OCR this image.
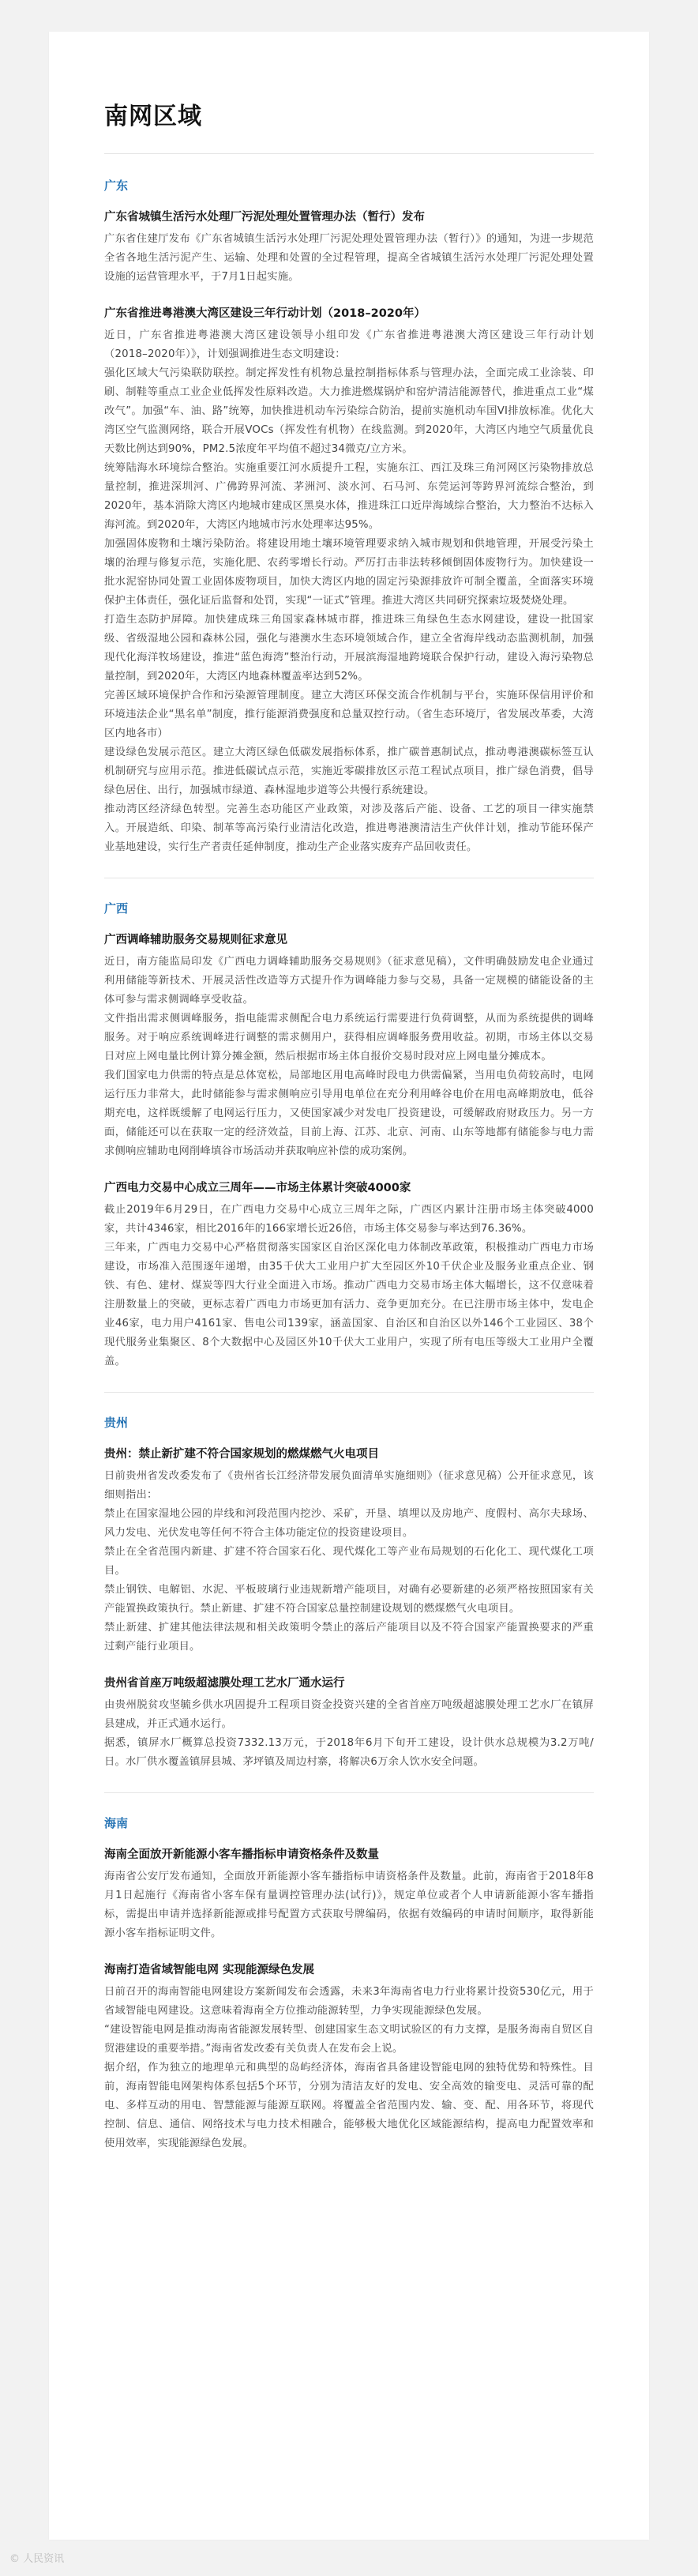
南网区域
广东
广东省城镇生活污水处理厂污泥处理处置管理办法（暂行）发布

广东省住建厅发布《广东省城镇生活污水处理厂污泥处理处置管理办法（暂行）》的通知，为进一步规范全省各地生活污泥产生、运输、处理和处置的全过程管理，提高全省城镇生活污水处理厂污泥处理处置设施的运营管理水平，于7月1日起实施。

广东省推进粤港澳大湾区建设三年行动计划（2018–2020年）

近日，广东省推进粤港澳大湾区建设领导小组印发《广东省推进粤港澳大湾区建设三年行动计划（2018–2020年）》，计划强调推进生态文明建设：

强化区域大气污染联防联控。制定挥发性有机物总量控制指标体系与管理办法，全面完成工业涂装、印刷、制鞋等重点工业企业低挥发性原料改造。大力推进燃煤锅炉和窑炉清洁能源替代，推进重点工业“煤改气”。加强“车、油、路”统筹，加快推进机动车污染综合防治，提前实施机动车国VI排放标准。优化大湾区空气监测网络，联合开展VOCs（挥发性有机物）在线监测。到2020年，大湾区内地空气质量优良天数比例达到90%，PM2.5浓度年平均值不超过34微克/立方米。

统筹陆海水环境综合整治。实施重要江河水质提升工程，实施东江、西江及珠三角河网区污染物排放总量控制，推进深圳河、广佛跨界河流、茅洲河、淡水河、石马河、东莞运河等跨界河流综合整治，到2020年，基本消除大湾区内地城市建成区黑臭水体，推进珠江口近岸海域综合整治，大力整治不达标入海河流。到2020年，大湾区内地城市污水处理率达95%。

加强固体废物和土壤污染防治。将建设用地土壤环境管理要求纳入城市规划和供地管理，开展受污染土壤的治理与修复示范，实施化肥、农药零增长行动。严厉打击非法转移倾倒固体废物行为。加快建设一批水泥窑协同处置工业固体废物项目，加快大湾区内地的固定污染源排放许可制全覆盖，全面落实环境保护主体责任，强化证后监督和处罚，实现“一证式”管理。推进大湾区共同研究探索垃圾焚烧处理。

打造生态防护屏障。加快建成珠三角国家森林城市群，推进珠三角绿色生态水网建设，建设一批国家级、省级湿地公园和森林公园，强化与港澳水生态环境领域合作，建立全省海岸线动态监测机制，加强现代化海洋牧场建设，推进“蓝色海湾”整治行动，开展滨海湿地跨境联合保护行动，建设入海污染物总量控制，到2020年，大湾区内地森林覆盖率达到52%。

完善区域环境保护合作和污染源管理制度。建立大湾区环保交流合作机制与平台，实施环保信用评价和环境违法企业“黑名单”制度，推行能源消费强度和总量双控行动。（省生态环境厅，省发展改革委，大湾区内地各市）

建设绿色发展示范区。建立大湾区绿色低碳发展指标体系，推广碳普惠制试点，推动粤港澳碳标签互认机制研究与应用示范。推进低碳试点示范，实施近零碳排放区示范工程试点项目，推广绿色消费，倡导绿色居住、出行，加强城市绿道、森林湿地步道等公共慢行系统建设。

推动湾区经济绿色转型。完善生态功能区产业政策，对涉及落后产能、设备、工艺的项目一律实施禁入。开展造纸、印染、制革等高污染行业清洁化改造，推进粤港澳清洁生产伙伴计划，推动节能环保产业基地建设，实行生产者责任延伸制度，推动生产企业落实废弃产品回收责任。

广西
广西调峰辅助服务交易规则征求意见

近日，南方能监局印发《广西电力调峰辅助服务交易规则》（征求意见稿），文件明确鼓励发电企业通过利用储能等新技术、开展灵活性改造等方式提升作为调峰能力参与交易，具备一定规模的储能设备的主体可参与需求侧调峰享受收益。

文件指出需求侧调峰服务，指电能需求侧配合电力系统运行需要进行负荷调整，从而为系统提供的调峰服务。对于响应系统调峰进行调整的需求侧用户，获得相应调峰服务费用收益。初期，市场主体以交易日对应上网电量比例计算分摊金额，然后根据市场主体自报价交易时段对应上网电量分摊成本。

我们国家电力供需的特点是总体宽松，局部地区用电高峰时段电力供需偏紧，当用电负荷较高时，电网运行压力非常大，此时储能参与需求侧响应引导用电单位在充分利用峰谷电价在用电高峰期放电，低谷期充电，这样既缓解了电网运行压力，又使国家减少对发电厂投资建设，可缓解政府财政压力。另一方面，储能还可以在获取一定的经济效益，目前上海、江苏、北京、河南、山东等地都有储能参与电力需求侧响应辅助电网削峰填谷市场活动并获取响应补偿的成功案例。

广西电力交易中心成立三周年——市场主体累计突破4000家

截止2019年6月29日，在广西电力交易中心成立三周年之际，广西区内累计注册市场主体突破4000家，共计4346家，相比2016年的166家增长近26倍，市场主体交易参与率达到76.36%。

三年来，广西电力交易中心严格贯彻落实国家区自治区深化电力体制改革政策，积极推动广西电力市场建设，市场准入范围逐年递增，由35千伏大工业用户扩大至园区外10千伏企业及服务业重点企业、钢铁、有色、建材、煤炭等四大行业全面进入市场。推动广西电力交易市场主体大幅增长，这不仅意味着注册数量上的突破，更标志着广西电力市场更加有活力、竞争更加充分。在已注册市场主体中，发电企业46家，电力用户4161家、售电公司139家，涵盖国家、自治区和自治区以外146个工业园区、38个现代服务业集聚区、8个大数据中心及园区外10千伏大工业用户，实现了所有电压等级大工业用户全覆盖。

贵州
贵州：禁止新扩建不符合国家规划的燃煤燃气火电项目

日前贵州省发改委发布了《贵州省长江经济带发展负面清单实施细则》（征求意见稿）公开征求意见，该细则指出：

禁止在国家湿地公园的岸线和河段范围内挖沙、采矿，开垦、填埋以及房地产、度假村、高尔夫球场、风力发电、光伏发电等任何不符合主体功能定位的投资建设项目。

禁止在全省范围内新建、扩建不符合国家石化、现代煤化工等产业布局规划的石化化工、现代煤化工项目。

禁止钢铁、电解铝、水泥、平板玻璃行业违规新增产能项目，对确有必要新建的必须严格按照国家有关产能置换政策执行。禁止新建、扩建不符合国家总量控制建设规划的燃煤燃气火电项目。

禁止新建、扩建其他法律法规和相关政策明令禁止的落后产能项目以及不符合国家产能置换要求的严重过剩产能行业项目。

贵州省首座万吨级超滤膜处理工艺水厂通水运行

由贵州脱贫攻坚毓乡供水巩固提升工程项目资金投资兴建的全省首座万吨级超滤膜处理工艺水厂在镇屏县建成，并正式通水运行。

据悉，镇屏水厂概算总投资7332.13万元，于2018年6月下旬开工建设，设计供水总规模为3.2万吨/日。水厂供水覆盖镇屏县城、茅坪镇及周边村寨，将解决6万余人饮水安全问题。

海南
海南全面放开新能源小客车播指标申请资格条件及数量

海南省公安厅发布通知，全面放开新能源小客车播指标申请资格条件及数量。此前，海南省于2018年8月1日起施行《海南省小客车保有量调控管理办法(试行)》，规定单位或者个人申请新能源小客车播指标，需提出申请并选择新能源或排号配置方式获取号牌编码，依据有效编码的申请时间顺序，取得新能源小客车指标证明文件。

海南打造省域智能电网 实现能源绿色发展

日前召开的海南智能电网建设方案新闻发布会透露，未来3年海南省电力行业将累计投资530亿元，用于省域智能电网建设。这意味着海南全方位推动能源转型，力争实现能源绿色发展。

“建设智能电网是推动海南省能源发展转型、创建国家生态文明试验区的有力支撑，是服务海南自贸区自贸港建设的重要举措。”海南省发改委有关负责人在发布会上说。

据介绍，作为独立的地理单元和典型的岛屿经济体，海南省具备建设智能电网的独特优势和特殊性。目前，海南智能电网架构体系包括5个环节，分别为清洁友好的发电、安全高效的输变电、灵活可靠的配电、多样互动的用电、智慧能源与能源互联网。将覆盖全省范围内发、输、变、配、用各环节，将现代控制、信息、通信、网络技术与电力技术相融合，能够极大地优化区域能源结构，提高电力配置效率和使用效率，实现能源绿色发展。

© 人民资讯
